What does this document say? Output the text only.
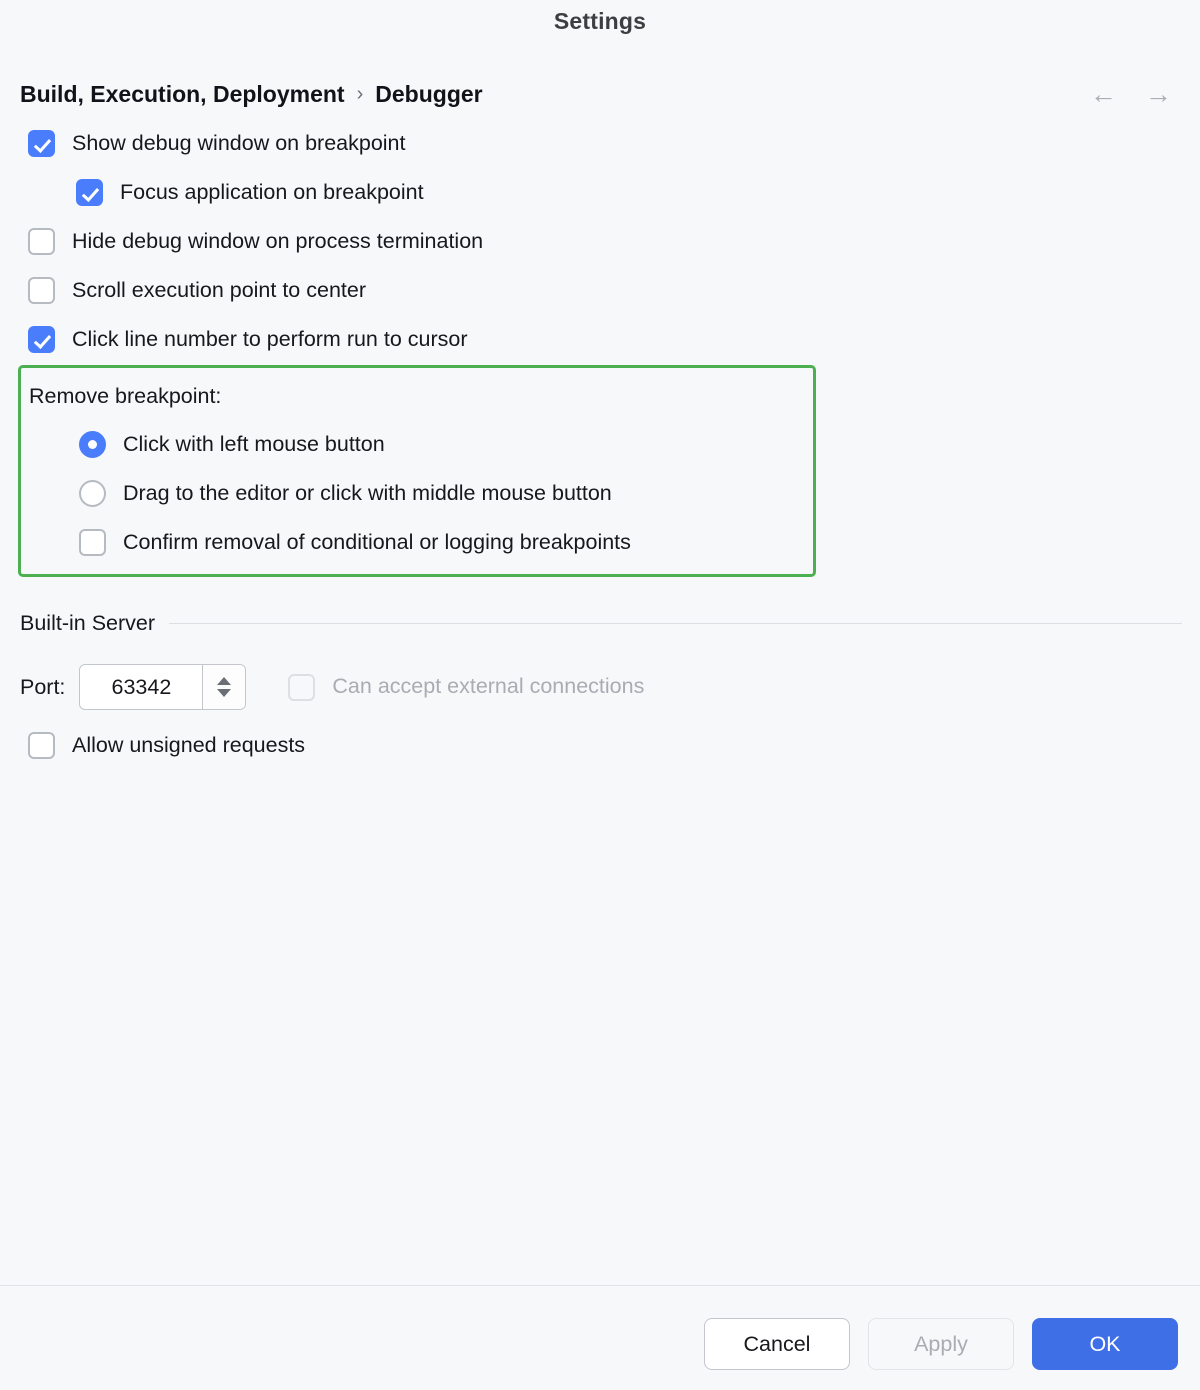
Settings
Build, Execution, Deployment › Debugger	← →
Show debug window on breakpoint
Focus application on breakpoint
Hide debug window on process termination
Scroll execution point to center
Click line number to perform run to cursor
Remove breakpoint:
Click with left mouse button
Drag to the editor or click with middle mouse button
Confirm removal of conditional or logging breakpoints
Built-in Server
Port:
63342	Can accept external connections
Allow unsigned requests
Cancel	Apply	OK
